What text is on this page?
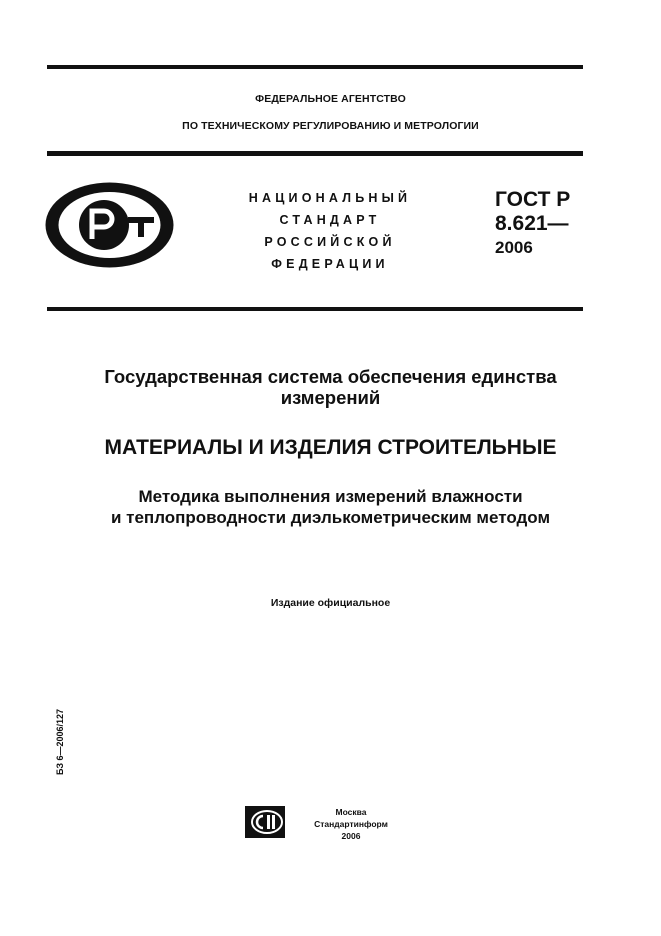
ФЕДЕРАЛЬНОЕ АГЕНТСТВО
ПО ТЕХНИЧЕСКОМУ РЕГУЛИРОВАНИЮ И МЕТРОЛОГИИ
НАЦИОНАЛЬНЫЙ
СТАНДАРТ
РОССИЙСКОЙ
ФЕДЕРАЦИИ
ГОСТ Р
8.621—
2006
Государственная система обеспечения единства
измерений
МАТЕРИАЛЫ И ИЗДЕЛИЯ СТРОИТЕЛЬНЫЕ
Методика выполнения измерений влажности
и теплопроводности диэлькометрическим методом
Издание официальное
БЗ 6—2006/127
Москва
Стандартинформ
2006
